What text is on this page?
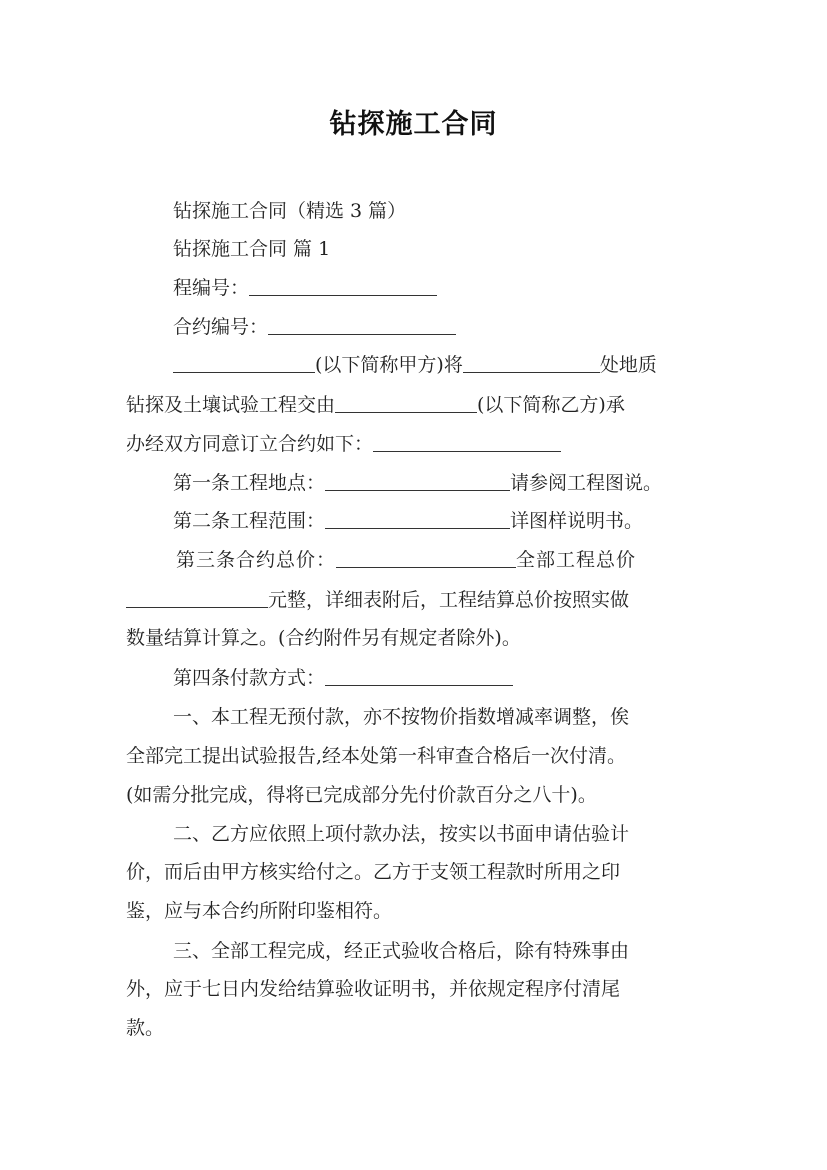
钻探施工合同
钻探施工合同（精选 3 篇）
钻探施工合同 篇 1
程编号：
合约编号：
(以下简称甲方)将	处地质
钻探及土壤试验工程交由	(以下简称乙方)承
办经双方同意订立合约如下：
第一条工程地点：	请参阅工程图说。
第二条工程范围：	详图样说明书。
第三条合约总价：	全部工程总价
元整，详细表附后，工程结算总价按照实做
数量结算计算之。(合约附件另有规定者除外)。
第四条付款方式：
一、本工程无预付款，亦不按物价指数增减率调整，俟
全部完工提出试验报告,经本处第一科审查合格后一次付清。
(如需分批完成，得将已完成部分先付价款百分之八十)。
二、乙方应依照上项付款办法，按实以书面申请估验计
价，而后由甲方核实给付之。乙方于支领工程款时所用之印
鉴，应与本合约所附印鉴相符。
三、全部工程完成，经正式验收合格后，除有特殊事由
外，应于七日内发给结算验收证明书，并依规定程序付清尾
款。
